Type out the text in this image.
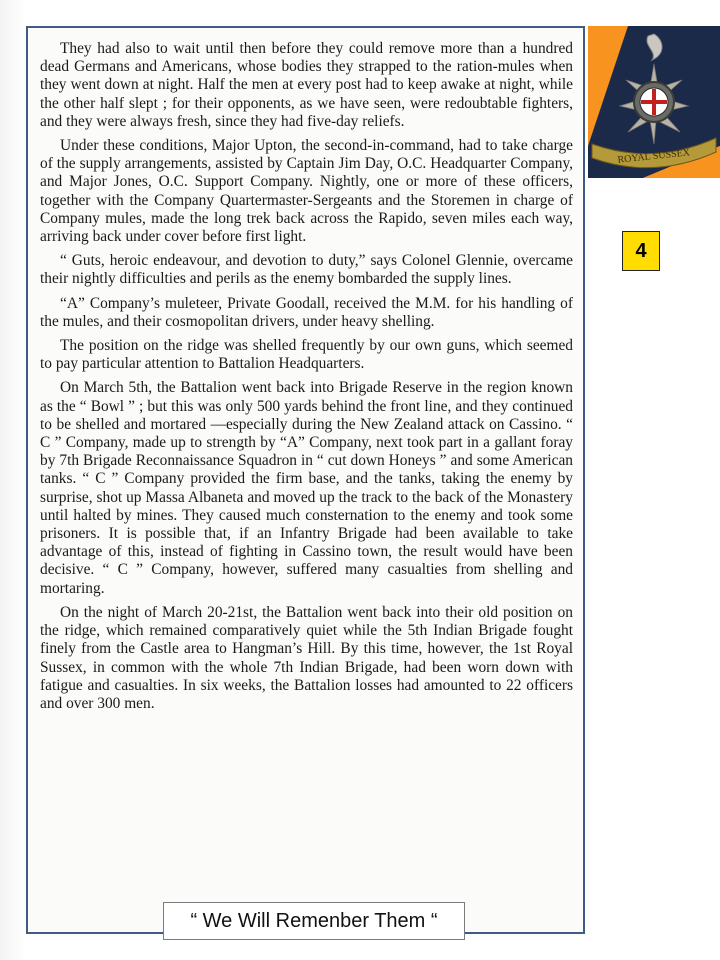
They had also to wait until then before they could remove more than a hundred dead Germans and Americans, whose bodies they strapped to the ration-mules when they went down at night. Half the men at every post had to keep awake at night, while the other half slept ; for their opponents, as we have seen, were redoubtable fighters, and they were always fresh, since they had five-day reliefs.

Under these conditions, Major Upton, the second-in-command, had to take charge of the supply arrangements, assisted by Captain Jim Day, O.C. Headquarter Company, and Major Jones, O.C. Support Company. Nightly, one or more of these officers, together with the Company Quartermaster-Sergeants and the Storemen in charge of Company mules, made the long trek back across the Rapido, seven miles each way, arriving back under cover before first light.

“ Guts, heroic endeavour, and devotion to duty,” says Colonel Glennie, overcame their nightly difficulties and perils as the enemy bombarded the supply lines.

“A” Company’s muleteer, Private Goodall, received the M.M. for his handling of the mules, and their cosmopolitan drivers, under heavy shelling.

The position on the ridge was shelled frequently by our own guns, which seemed to pay particular attention to Battalion Headquarters.

On March 5th, the Battalion went back into Brigade Reserve in the region known as the “ Bowl ” ; but this was only 500 yards behind the front line, and they continued to be shelled and mortared —especially during the New Zealand attack on Cassino. “ C ” Company, made up to strength by “A” Company, next took part in a gallant foray by 7th Brigade Reconnaissance Squadron in “ cut down Honeys ” and some American tanks. “ C ” Company provided the firm base, and the tanks, taking the enemy by surprise, shot up Massa Albaneta and moved up the track to the back of the Monastery until halted by mines. They caused much consternation to the enemy and took some prisoners. It is possible that, if an Infantry Brigade had been available to take advantage of this, instead of fighting in Cassino town, the result would have been decisive. “ C ” Company, however, suffered many casualties from shelling and mortaring.

On the night of March 20-21st, the Battalion went back into their old position on the ridge, which remained comparatively quiet while the 5th Indian Brigade fought finely from the Castle area to Hangman’s Hill. By this time, however, the 1st Royal Sussex, in common with the whole 7th Indian Brigade, had been worn down with fatigue and casualties. In six weeks, the Battalion losses had amounted to 22 officers and over 300 men.

“ We Will Remenber Them “
ROYAL SUSSEX
4
